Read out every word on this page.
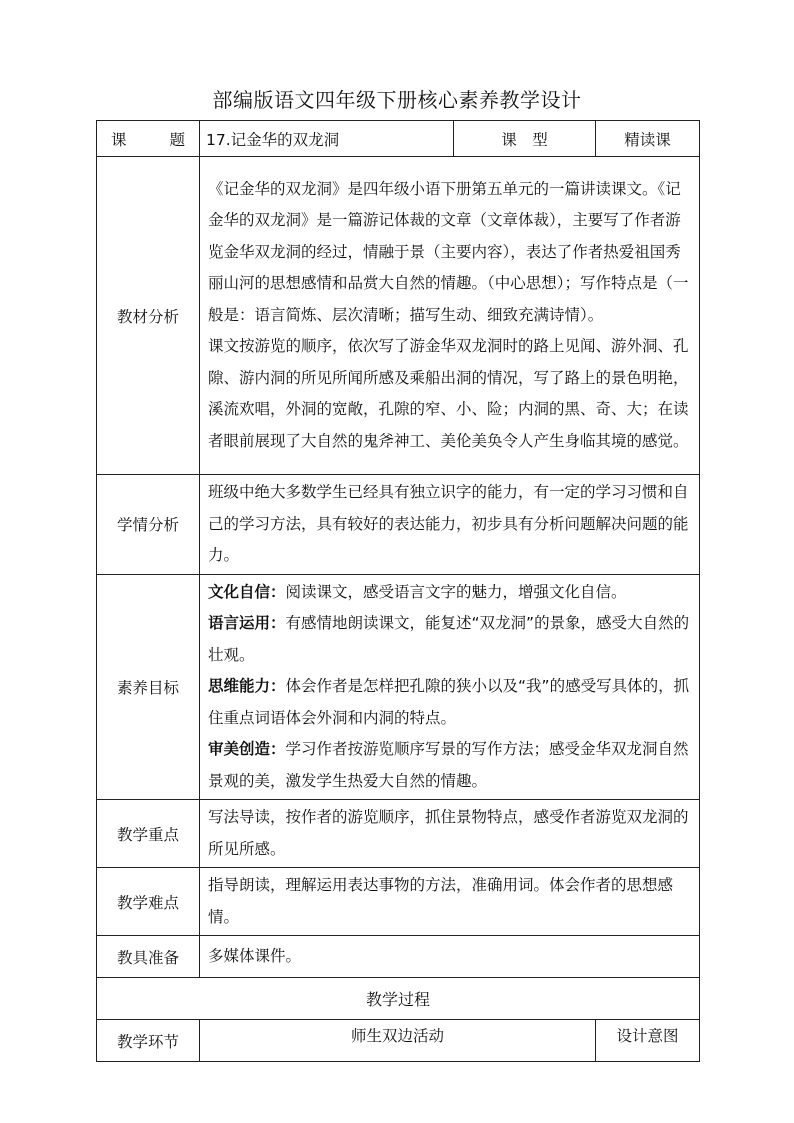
部编版语文四年级下册核心素养教学设计
课　　题	17.记金华的双龙洞	课　型	精读课
教材分析	《记金华的双龙洞》是四年级小语下册第五单元的一篇讲读课文。《记金华的双龙洞》是一篇游记体裁的文章（文章体裁），主要写了作者游览金华双龙洞的经过，情融于景（主要内容），表达了作者热爱祖国秀丽山河的思想感情和品赏大自然的情趣。（中心思想）；写作特点是（一般是：语言简炼、层次清晰；描写生动、细致充满诗情）。

课文按游览的顺序，依次写了游金华双龙洞时的路上见闻、游外洞、孔隙、游内洞的所见所闻所感及乘船出洞的情况，写了路上的景色明艳，溪流欢唱，外洞的宽敞，孔隙的窄、小、险；内洞的黑、奇、大；在读者眼前展现了大自然的鬼斧神工、美伦美奂令人产生身临其境的感觉。		

学情分析	班级中绝大多数学生已经具有独立识字的能力，有一定的学习习惯和自己的学习方法，具有较好的表达能力，初步具有分析问题解决问题的能力。		
素养目标	文化自信：阅读课文，感受语言文字的魅力，增强文化自信。

语言运用：有感情地朗读课文，能复述“双龙洞”的景象，感受大自然的壮观。

思维能力：体会作者是怎样把孔隙的狭小以及“我”的感受写具体的，抓住重点词语体会外洞和内洞的特点。

审美创造：学习作者按游览顺序写景的写作方法；感受金华双龙洞自然景观的美，激发学生热爱大自然的情趣。		

教学重点	写法导读，按作者的游览顺序，抓住景物特点，感受作者游览双龙洞的所见所感。		
教学难点	指导朗读，理解运用表达事物的方法，准确用词。体会作者的思想感情。		
教具准备	多媒体课件。		
教学过程			
教学环节	师生双边活动		设计意图
